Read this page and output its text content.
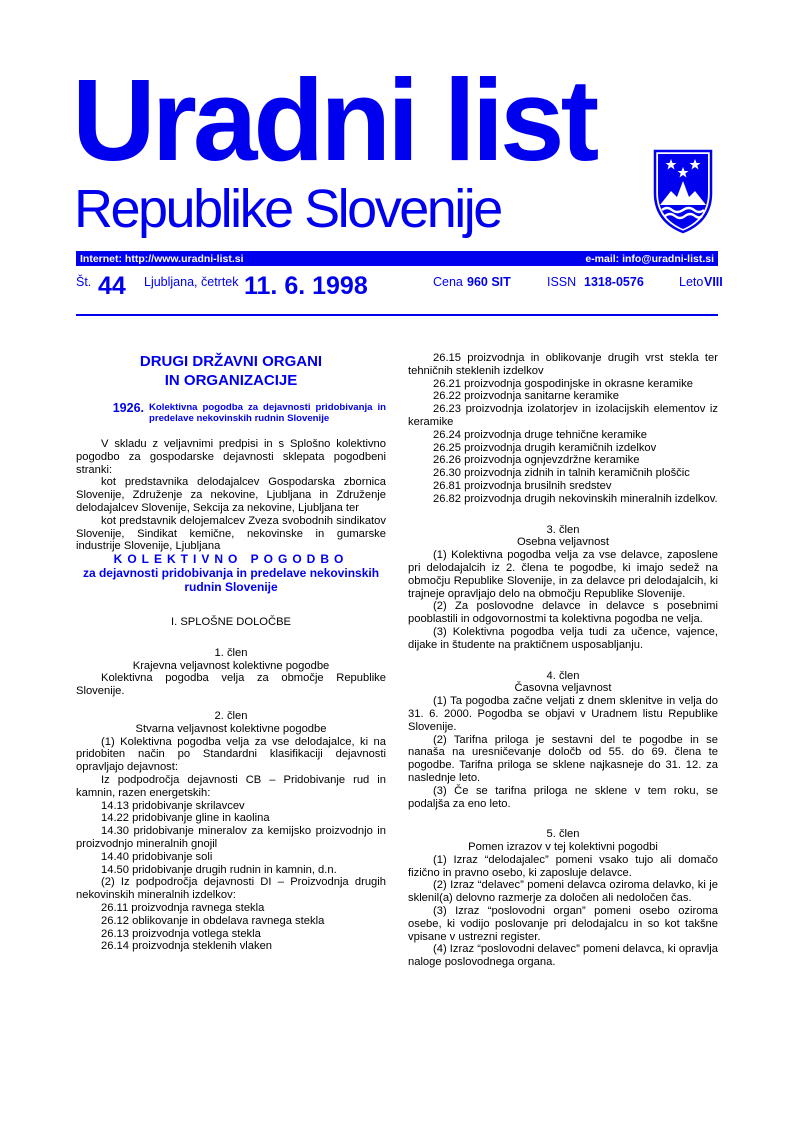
Uradni list
Republike Slovenije
Internet: http://www.uradni-list.si	e-mail: info@uradni-list.si
Št. 44 Ljubljana, četrtek 11. 6. 1998	Cena 960 SIT	ISSN 1318-0576	Leto VIII

DRUGI DRŽAVNI ORGANI

IN ORGANIZACIJE

1926. Kolektivna pogodba za dejavnosti pridobivanja in predelave nekovinskih rudnin Slovenije

V skladu z veljavnimi predpisi in s Splošno kolektivno pogodbo za gospodarske dejavnosti sklepata pogodbeni stranki:

kot predstavnika delodajalcev Gospodarska zbornica Slovenije, Združenje za nekovine, Ljubljana in Združenje delodajalcev Slovenije, Sekcija za nekovine, Ljubljana ter

kot predstavnik delojemalcev Zveza svobodnih sindikatov Slovenije, Sindikat kemične, nekovinske in gumarske industrije Slovenije, Ljubljana

KOLEKTIVNO POGODBO

za dejavnosti pridobivanja in predelave nekovinskih rudnin Slovenije

I. SPLOŠNE DOLOČBE

1. člen

Krajevna veljavnost kolektivne pogodbe

Kolektivna pogodba velja za območje Republike Slovenije.

2. člen

Stvarna veljavnost kolektivne pogodbe

(1) Kolektivna pogodba velja za vse delodajalce, ki na pridobiten način po Standardni klasifikaciji dejavnosti opravljajo dejavnost:

Iz podpodročja dejavnosti CB – Pridobivanje rud in kamnin, razen energetskih:

14.13 pridobivanje skrilavcev

14.22 pridobivanje gline in kaolina

14.30 pridobivanje mineralov za kemijsko proizvodnjo in proizvodnjo mineralnih gnojil

14.40 pridobivanje soli

14.50 pridobivanje drugih rudnin in kamnin, d.n.

(2) Iz podpodročja dejavnosti DI – Proizvodnja drugih nekovinskih mineralnih izdelkov:

26.11 proizvodnja ravnega stekla

26.12 oblikovanje in obdelava ravnega stekla

26.13 proizvodnja votlega stekla

26.14 proizvodnja steklenih vlaken

26.15 proizvodnja in oblikovanje drugih vrst stekla ter tehničnih steklenih izdelkov

26.21 proizvodnja gospodinjske in okrasne keramike

26.22 proizvodnja sanitarne keramike

26.23 proizvodnja izolatorjev in izolacijskih elementov iz keramike

26.24 proizvodnja druge tehnične keramike

26.25 proizvodnja drugih keramičnih izdelkov

26.26 proizvodnja ognjevzdržne keramike

26.30 proizvodnja zidnih in talnih keramičnih ploščic

26.81 proizvodnja brusilnih sredstev

26.82 proizvodnja drugih nekovinskih mineralnih izdelkov.

3. člen

Osebna veljavnost

(1) Kolektivna pogodba velja za vse delavce, zaposlene pri delodajalcih iz 2. člena te pogodbe, ki imajo sedež na območju Republike Slovenije, in za delavce pri delodajalcih, ki trajneje opravljajo delo na območju Republike Slovenije.

(2) Za poslovodne delavce in delavce s posebnimi pooblastili in odgovornostmi ta kolektivna pogodba ne velja.

(3) Kolektivna pogodba velja tudi za učence, vajence, dijake in študente na praktičnem usposabljanju.

4. člen

Časovna veljavnost

(1) Ta pogodba začne veljati z dnem sklenitve in velja do 31. 6. 2000. Pogodba se objavi v Uradnem listu Republike Slovenije.

(2) Tarifna priloga je sestavni del te pogodbe in se nanaša na uresničevanje določb od 55. do 69. člena te pogodbe. Tarifna priloga se sklene najkasneje do 31. 12. za naslednje leto.

(3) Če se tarifna priloga ne sklene v tem roku, se podaljša za eno leto.

5. člen

Pomen izrazov v tej kolektivni pogodbi

(1) Izraz “delodajalec” pomeni vsako tujo ali domačo fizično in pravno osebo, ki zaposluje delavce.

(2) Izraz “delavec” pomeni delavca oziroma delavko, ki je sklenil(a) delovno razmerje za določen ali nedoločen čas.

(3) Izraz “poslovodni organ” pomeni osebo oziroma osebe, ki vodijo poslovanje pri delodajalcu in so kot takšne vpisane v ustrezni register.

(4) Izraz “poslovodni delavec” pomeni delavca, ki opravlja naloge poslovodnega organa.
